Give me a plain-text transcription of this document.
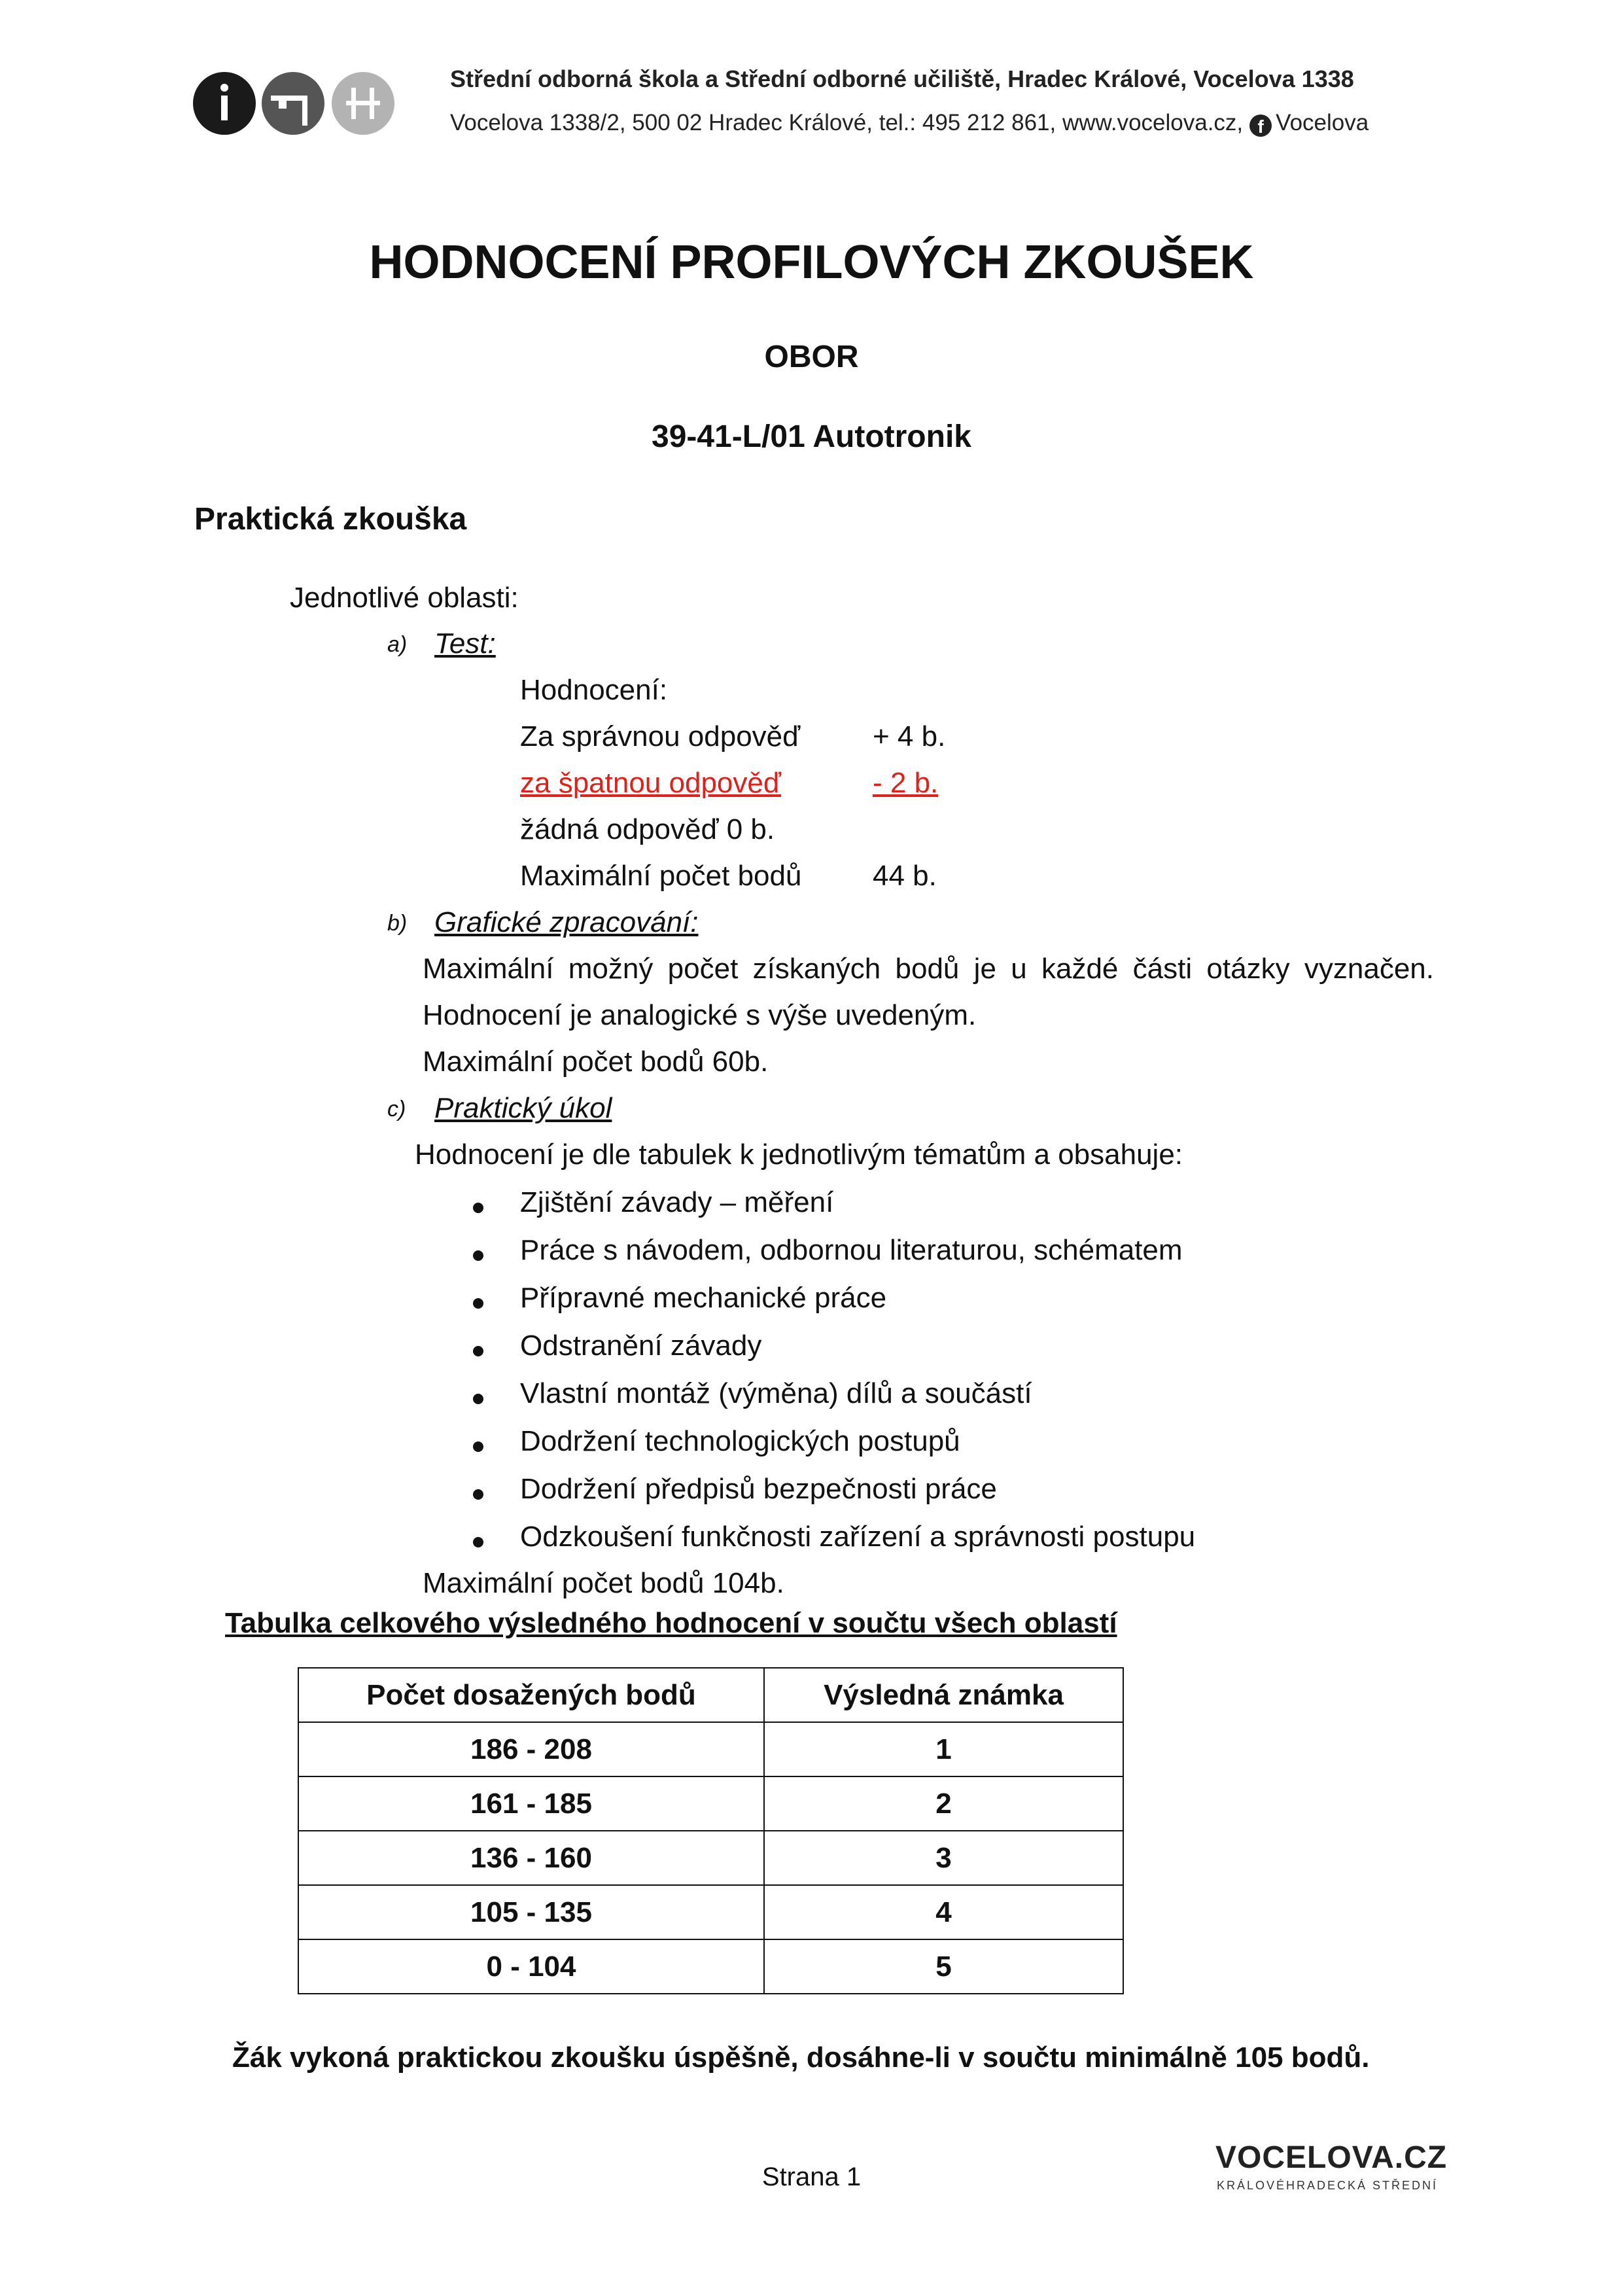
Střední odborná škola a Střední odborné učiliště, Hradec Králové, Vocelova 1338
Vocelova 1338/2, 500 02 Hradec Králové, tel.: 495 212 861, www.vocelova.cz, f Vocelova
HODNOCENÍ PROFILOVÝCH ZKOUŠEK
OBOR
39-41-L/01 Autotronik
Praktická zkouška
Jednotlivé oblasti:
a) Test:
Hodnocení:
Za správnou odpověď	+ 4 b.
za špatnou odpověď	- 2 b.
žádná odpověď 0 b.
Maximální počet bodů 44 b.
b) Grafické zpracování:
Maximální možný počet získaných bodů je u každé části otázky vyznačen.
Hodnocení je analogické s výše uvedeným.
Maximální počet bodů 60b.
c) Praktický úkol
Hodnocení je dle tabulek k jednotlivým tématům a obsahuje:
Zjištění závady – měření
Práce s návodem, odbornou literaturou, schématem
Přípravné mechanické práce
Odstranění závady
Vlastní montáž (výměna) dílů a součástí
Dodržení technologických postupů
Dodržení předpisů bezpečnosti práce
Odzkoušení funkčnosti zařízení a správnosti postupu
Maximální počet bodů 104b.
Tabulka celkového výsledného hodnocení v součtu všech oblastí
Počet dosažených bodů	Výsledná známka
186 - 208	1
161 - 185	2
136 - 160	3
105 - 135	4
0 - 104	5
Žák vykoná praktickou zkoušku úspěšně, dosáhne-li v součtu minimálně 105 bodů.
Strana 1
VOCELOVA.CZ
KRÁLOVÉHRADECKÁ STŘEDNÍ
